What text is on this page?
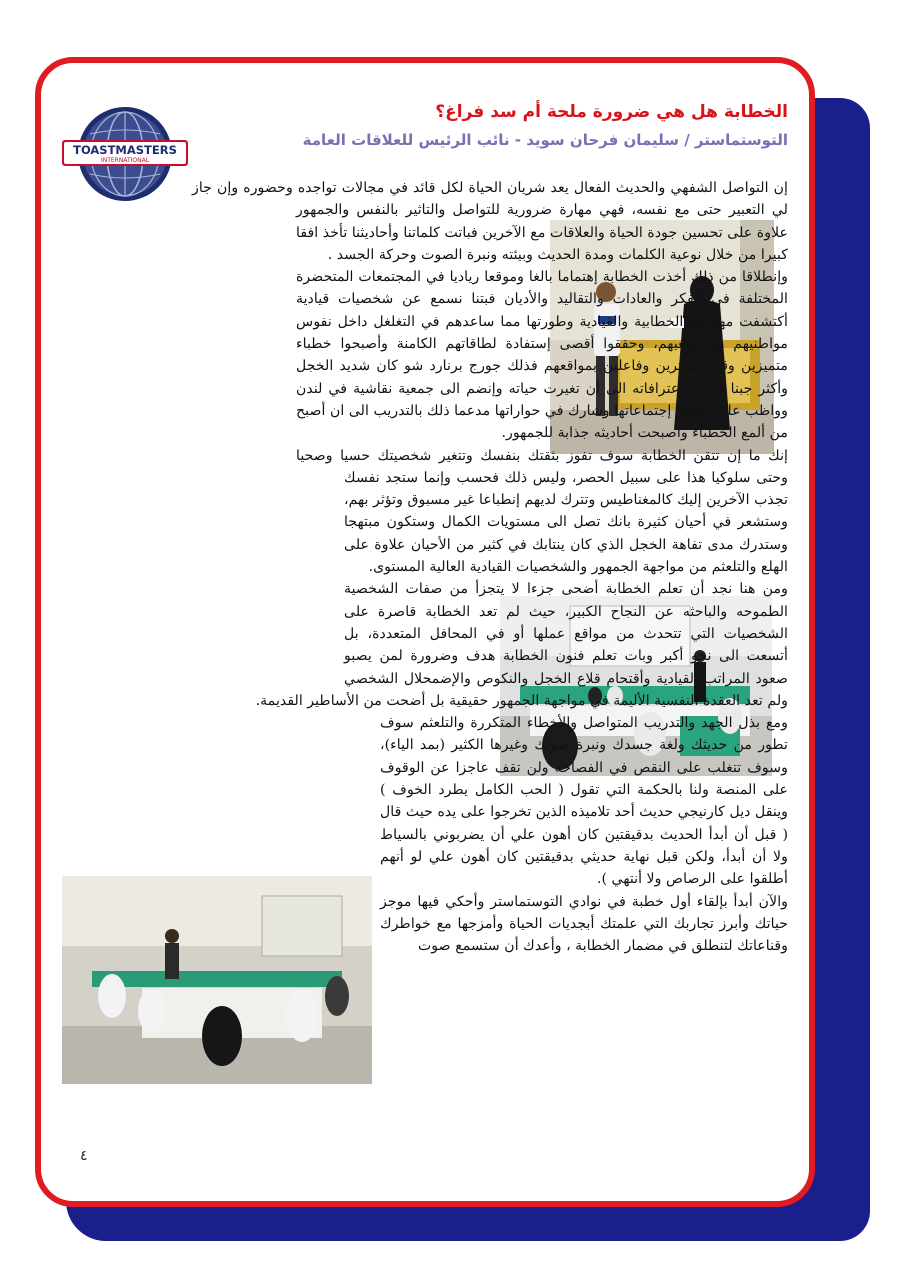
TOASTMASTERS
INTERNATIONAL
الخطابة هل هي ضرورة ملحة أم سد فراغ؟
التوستماستر / سليمان فرحان سويد - نائب الرئيس للعلاقات العامة

إن التواصل الشفهي والحديث الفعال يعد شريان الحياة لكل قائد في مجالات تواجده وحضوره وإن جاز لي التعبير حتى مع نفسه، فهي مهارة ضرورية للتواصل والتاثير بالنفس والجمهور علاوة على تحسين جودة الحياة والعلاقات مع الآخرين فباتت كلماتنا وأحاديثنا تأخذ افقا كبيرا من خلال نوعية الكلمات ومدة الحديث وبيئته ونبرة الصوت وحركة الجسد .

وإنطلاقا من ذلك أخذت الخطابة إهتماما بالغا وموقعا رياديا في المجتمعات المتحضرة المختلفة في الفكر والعادات والتقاليد والأديان فبتنا نسمع عن شخصيات قيادية أكتشفت مهاراتها الخطابية والقيادية وطورتها مما ساعدهم في التغلغل داخل نفوس مواطنيهم ومستمعيهم، وحققوا أقصى إستفادة لطاقاتهم الكامنة وأصبحوا خطباء متميزين وقادة مؤثرين وفاعلين بمواقعهم فذلك جورج برنارد شو كان شديد الخجل وأكثر جبنا حسب إعترافاته الى أن تغيرت حياته وإنضم الى جمعية نقاشية في لندن وواظب على حضور إجتماعاتها وشارك في حواراتها مدعما ذلك بالتدريب الى ان أصبح من ألمع الخطباء واصبحت أحاديثه جذابة للجمهور.

إنك ما إن تتقن الخطابة سوف تفوز بثقتك بنفسك وتتغير شخصيتك حسيا وصحيا وحتى سلوكيا هذا على سبيل الحصر، وليس ذلك فحسب وإنما ستجد نفسك تجذب الآخرين إليك كالمغناطيس وتترك لديهم إنطباعا غير مسبوق وتؤثر بهم، وستشعر في أحيان كثيرة بانك تصل الى مستويات الكمال وستكون مبتهجا وستدرك مدى تفاهة الخجل الذي كان ينتابك في كثير من الأحيان علاوة على الهلع والتلعثم من مواجهة الجمهور والشخصيات القيادية العالية المستوى.

ومن هنا نجد أن تعلم الخطابة أضحى جزءا لا يتجزأ من صفات الشخصية الطموحه والباحثه عن النجاح الكبير، حيث لم تعد الخطابة قاصرة على الشخصيات التي تتحدث من مواقع عملها أو في المحافل المتعددة، بل أتسعت الى نحو أكبر وبات تعلم فنون الخطابة هدف وضرورة لمن يصبو صعود المراتب القيادية وأقتحام قلاع الخجل والنكوص والإضمحلال الشخصي ولم تعد العقدة النفسية الأليمة في مواجهة الجمهور حقيقية بل أضحت من الأساطير القديمة.

ومع بذل الجهد والتدريب المتواصل والأخطاء المتكررة والتلعثم سوف تطور من حديثك ولغة جسدك ونبرة صوتك وغيرها الكثير (بمد الياء)، وسوف تتغلب على النقص في الفصاحة ولن تقف عاجزا عن الوقوف على المنصة ولنا بالحكمة التي تقول ( الحب الكامل يطرد الخوف ) وينقل ديل كارنيجي حديث أحد تلاميذه الذين تخرجوا على يده حيث قال ( قبل أن أبدأ الحديث بدقيقتين كان أهون علي أن يضربوني بالسياط ولا أن أبدأ، ولكن قبل نهاية حديثي بدقيقتين كان أهون علي لو أنهم أطلقوا على الرصاص ولا أنتهي ).

والآن أبدأ بإلقاء أول خطبة في نوادي التوستماستر وأحكي فيها موجز حياتك وأبرز تجاربك التي علمتك أبجديات الحياة وأمزجها مع خواطرك وقناعاتك لتنطلق في مضمار الخطابة ، وأعدك أن ستسمع صوت

٤
